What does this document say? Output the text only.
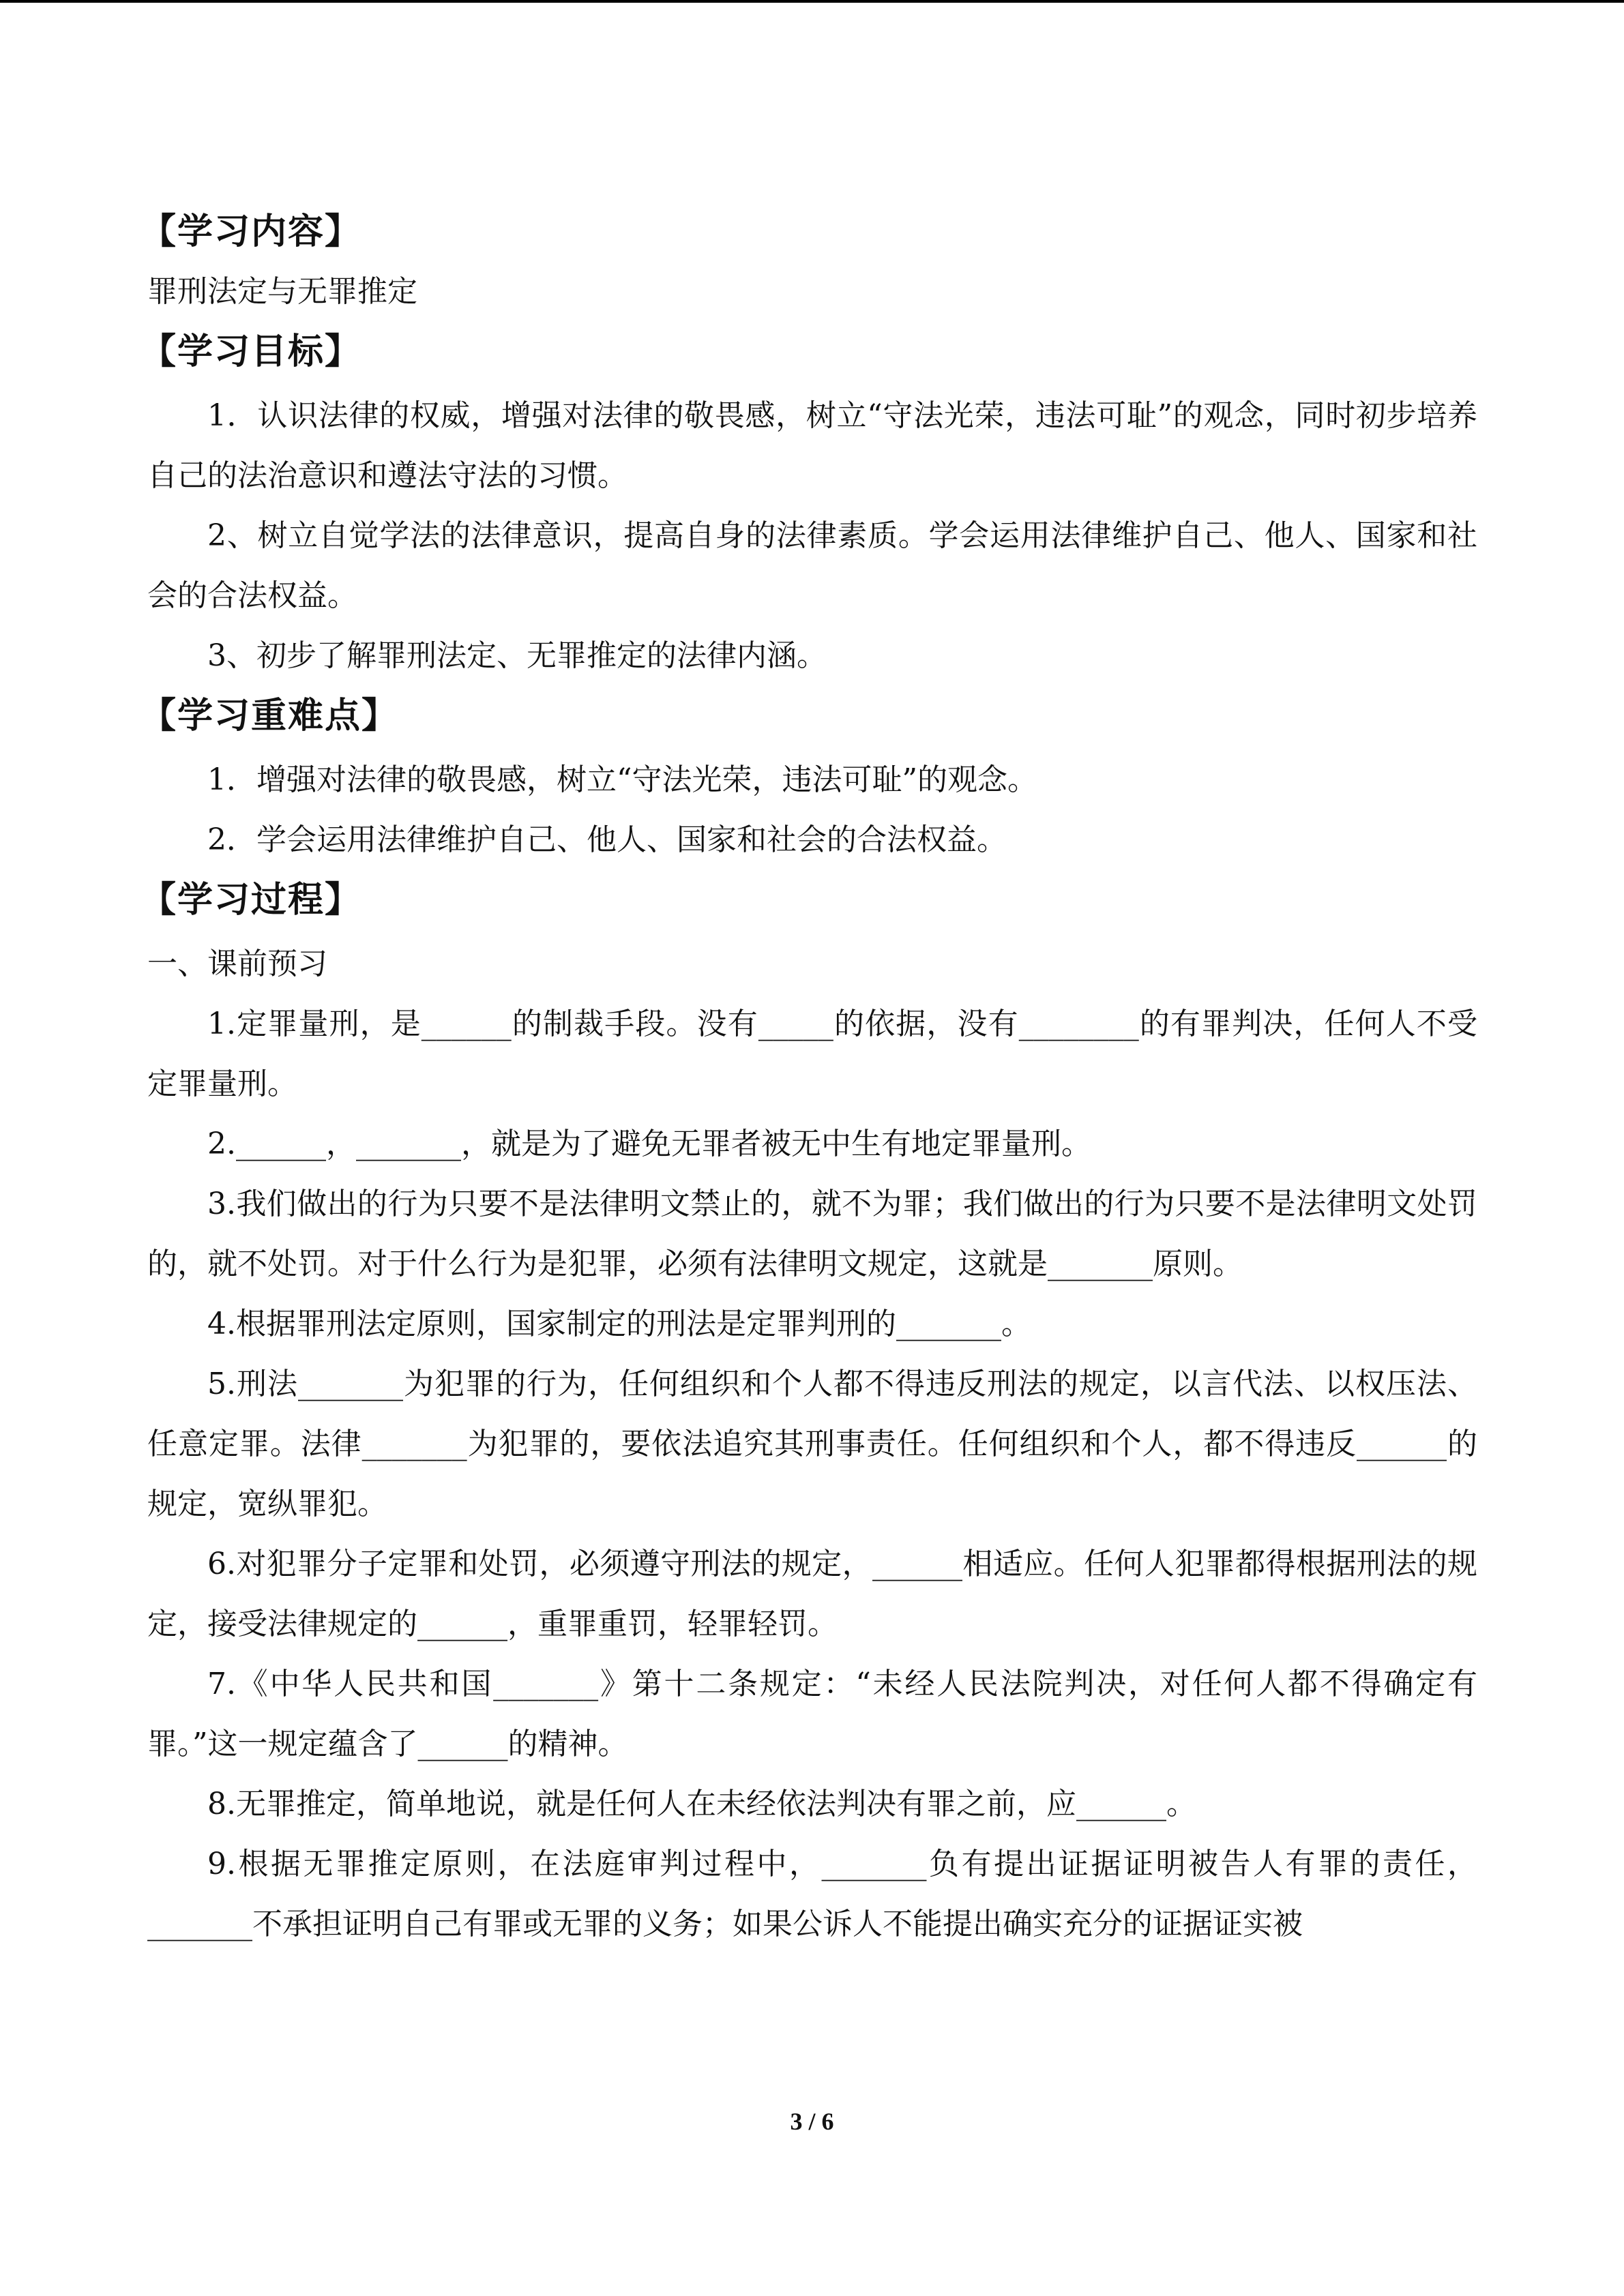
【学习内容】

罪刑法定与无罪推定

【学习目标】

1．认识法律的权威，增强对法律的敬畏感，树立“守法光荣，违法可耻”的观念，同时初步培养自己的法治意识和遵法守法的习惯。

2、树立自觉学法的法律意识，提高自身的法律素质。学会运用法律维护自己、他人、国家和社会的合法权益。

3、初步了解罪刑法定、无罪推定的法律内涵。

【学习重难点】

1．增强对法律的敬畏感，树立“守法光荣，违法可耻”的观念。

2．学会运用法律维护自己、他人、国家和社会的合法权益。

【学习过程】

一、课前预习

1.定罪量刑，是______的制裁手段。没有_____的依据，没有________的有罪判决，任何人不受定罪量刑。

2.______，_______，就是为了避免无罪者被无中生有地定罪量刑。

3.我们做出的行为只要不是法律明文禁止的，就不为罪；我们做出的行为只要不是法律明文处罚的，就不处罚。对于什么行为是犯罪，必须有法律明文规定，这就是_______原则。

4.根据罪刑法定原则，国家制定的刑法是定罪判刑的_______。

5.刑法_______为犯罪的行为，任何组织和个人都不得违反刑法的规定，以言代法、以权压法、任意定罪。法律_______为犯罪的，要依法追究其刑事责任。任何组织和个人，都不得违反______的规定，宽纵罪犯。

6.对犯罪分子定罪和处罚，必须遵守刑法的规定，______相适应。任何人犯罪都得根据刑法的规定，接受法律规定的______，重罪重罚，轻罪轻罚。

7.《中华人民共和国_______》第十二条规定：“未经人民法院判决，对任何人都不得确定有罪。”这一规定蕴含了______的精神。

8.无罪推定，简单地说，就是任何人在未经依法判决有罪之前，应______。

9.根据无罪推定原则，在法庭审判过程中，_______负有提出证据证明被告人有罪的责任，_______不承担证明自己有罪或无罪的义务；如果公诉人不能提出确实充分的证据证实被

3 / 6
